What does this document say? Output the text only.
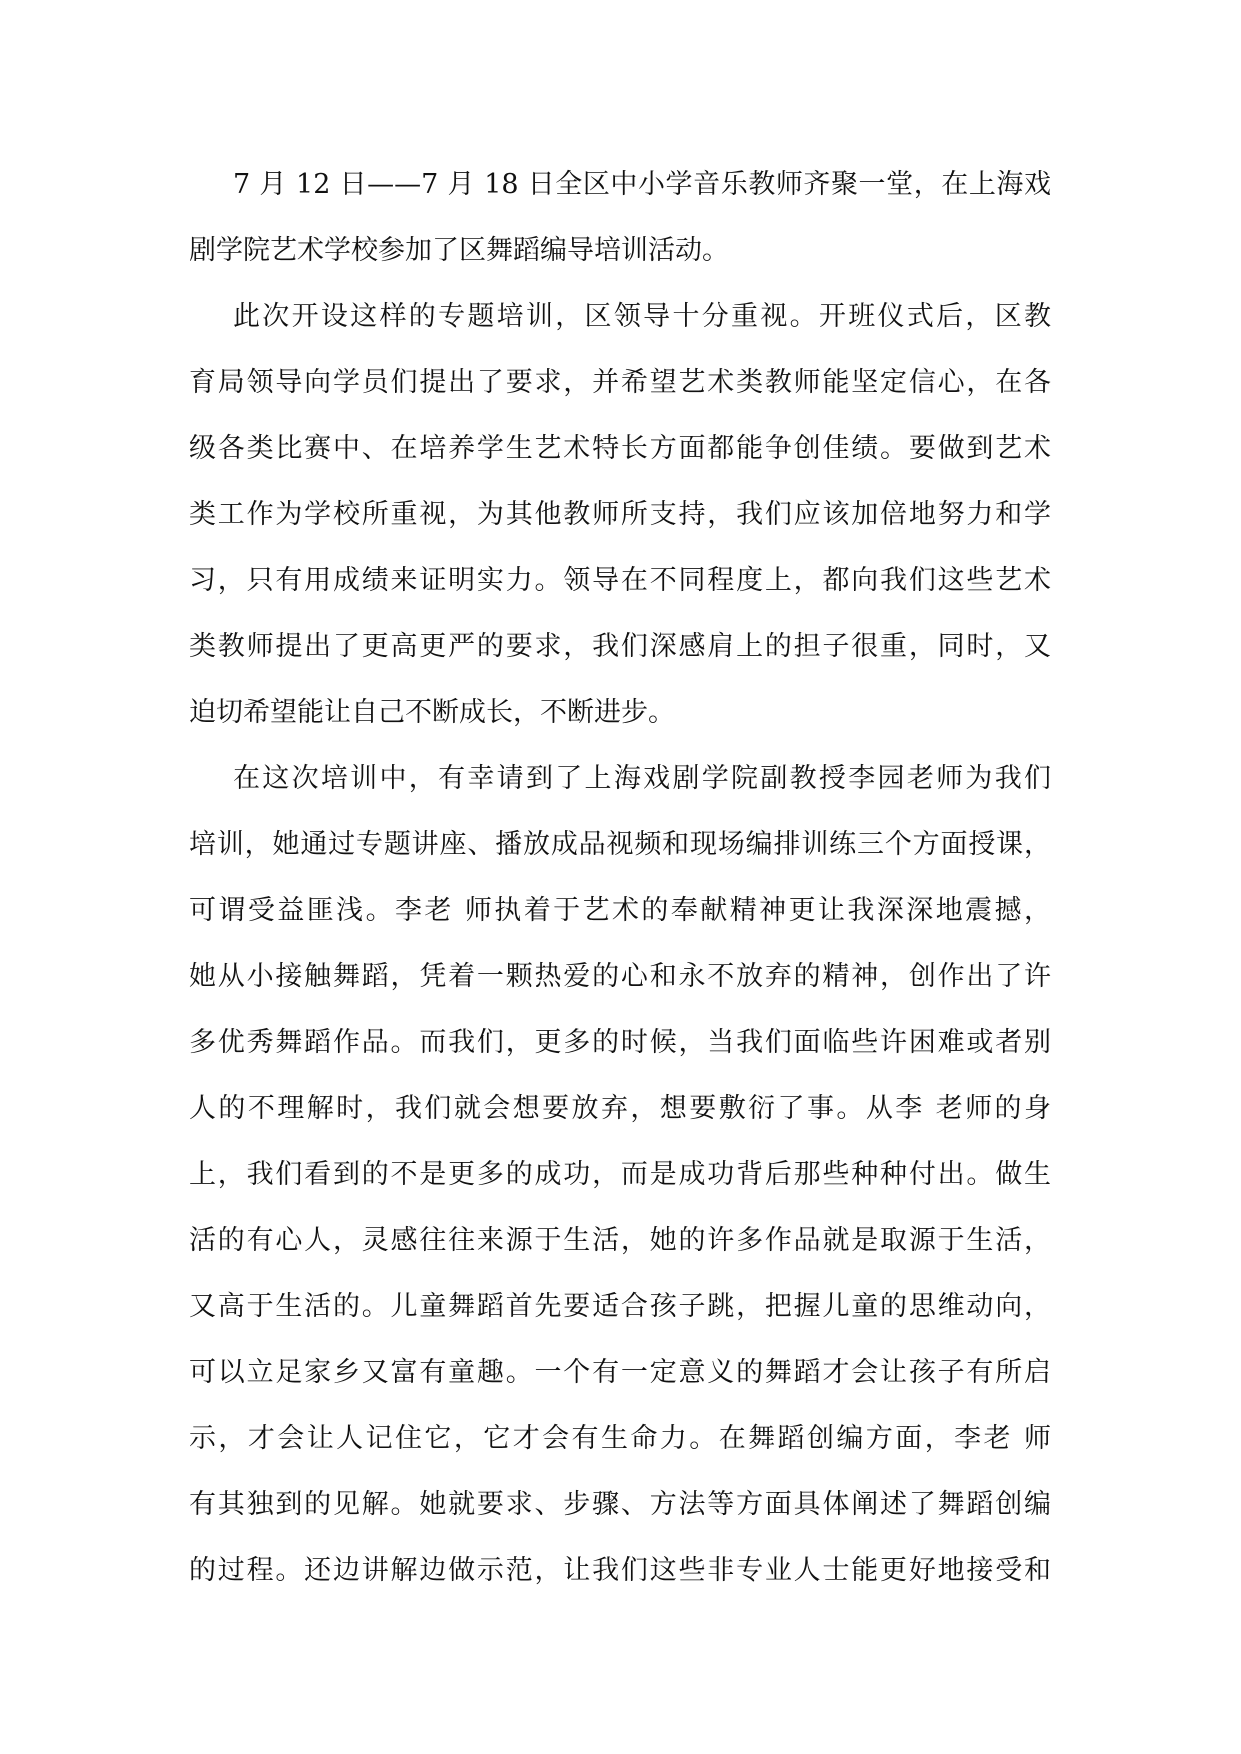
7 月 12 日——7 月 18 日全区中小学音乐教师齐聚一堂，在上海戏
剧学院艺术学校参加了区舞蹈编导培训活动。
此次开设这样的专题培训，区领导十分重视。开班仪式后，区教
育局领导向学员们提出了要求，并希望艺术类教师能坚定信心，在各
级各类比赛中、在培养学生艺术特长方面都能争创佳绩。要做到艺术
类工作为学校所重视，为其他教师所支持，我们应该加倍地努力和学
习，只有用成绩来证明实力。领导在不同程度上，都向我们这些艺术
类教师提出了更高更严的要求，我们深感肩上的担子很重，同时，又
迫切希望能让自己不断成长，不断进步。
在这次培训中，有幸请到了上海戏剧学院副教授李园老师为我们
培训，她通过专题讲座、播放成品视频和现场编排训练三个方面授课，
可谓受益匪浅。李老 师执着于艺术的奉献精神更让我深深地震撼，
她从小接触舞蹈，凭着一颗热爱的心和永不放弃的精神，创作出了许
多优秀舞蹈作品。而我们，更多的时候，当我们面临些许困难或者别
人的不理解时，我们就会想要放弃，想要敷衍了事。从李 老师的身
上，我们看到的不是更多的成功，而是成功背后那些种种付出。做生
活的有心人，灵感往往来源于生活，她的许多作品就是取源于生活，
又高于生活的。儿童舞蹈首先要适合孩子跳，把握儿童的思维动向，
可以立足家乡又富有童趣。一个有一定意义的舞蹈才会让孩子有所启
示，才会让人记住它，它才会有生命力。在舞蹈创编方面，李老 师
有其独到的见解。她就要求、步骤、方法等方面具体阐述了舞蹈创编
的过程。还边讲解边做示范，让我们这些非专业人士能更好地接受和
